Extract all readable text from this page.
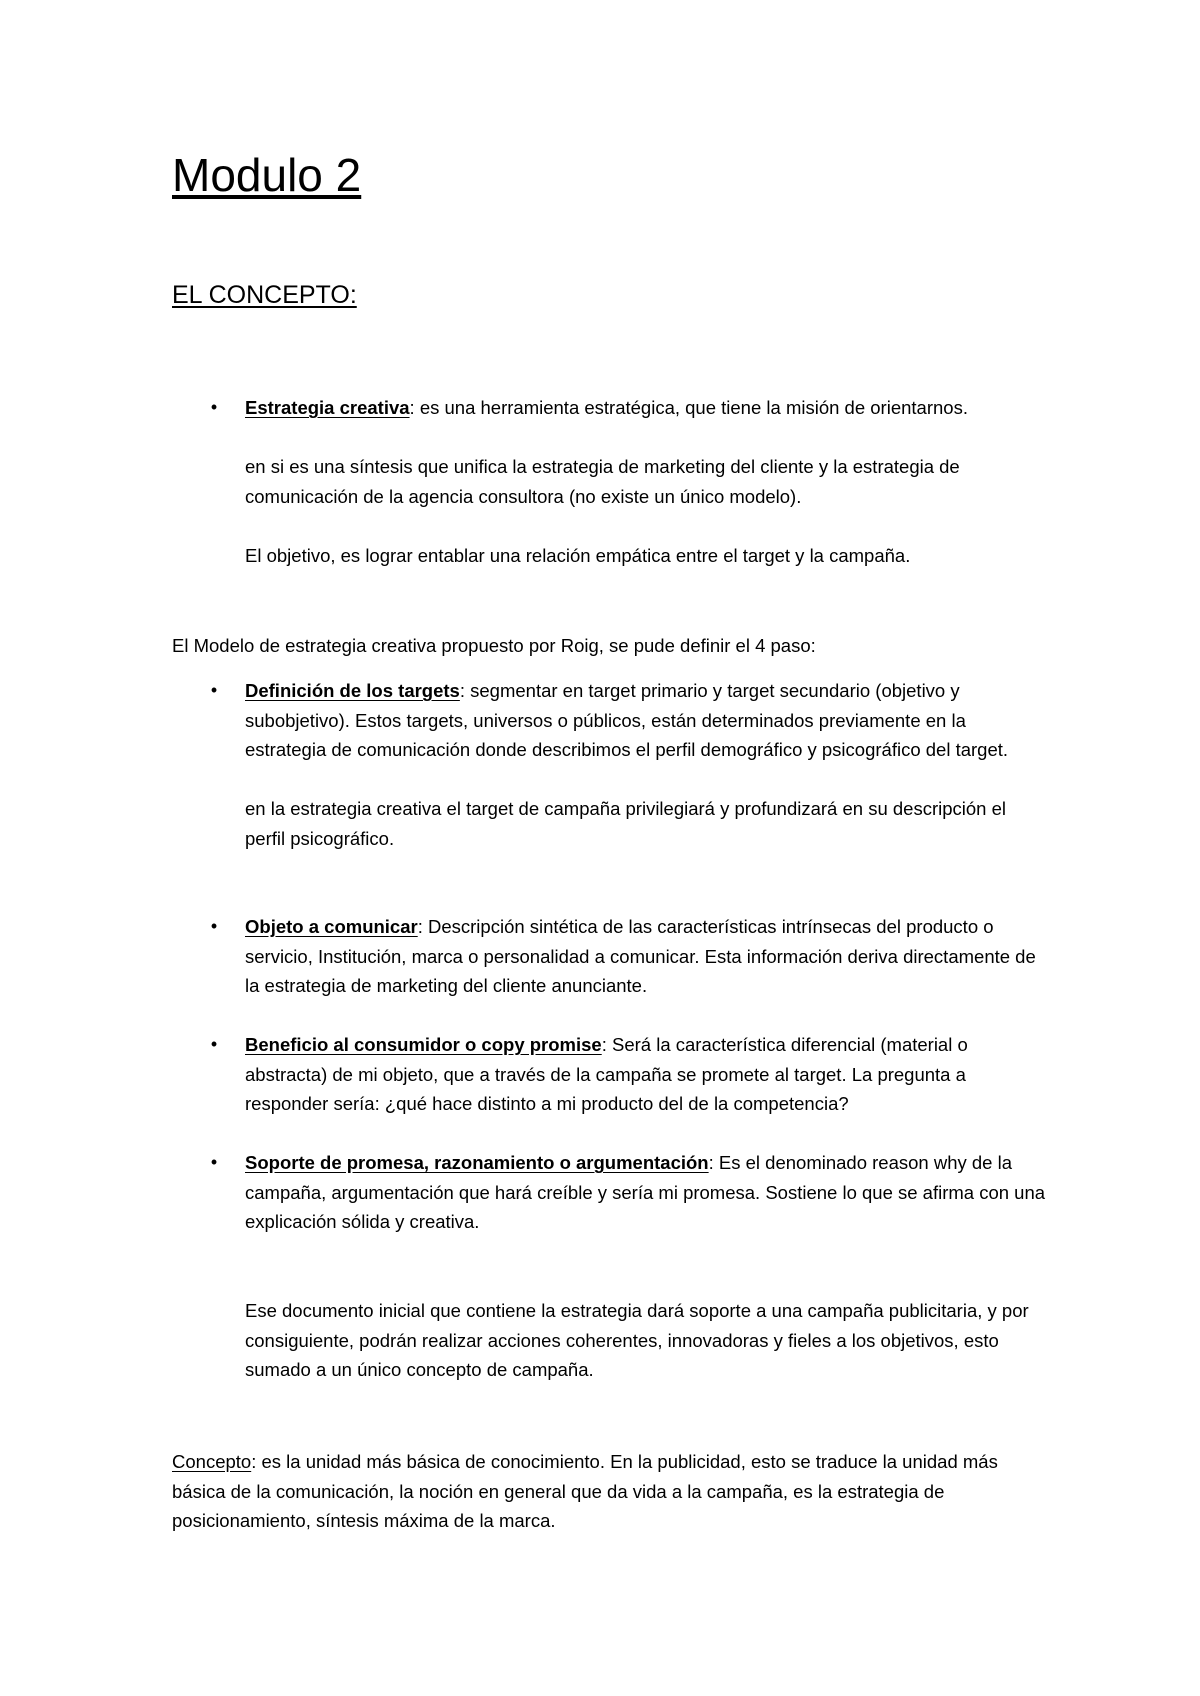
Modulo 2
EL CONCEPTO:
• Estrategia creativa: es una herramienta estratégica, que tiene la misión de orientarnos.

en si es una síntesis que unifica la estrategia de marketing del cliente y la estrategia de comunicación de la agencia consultora (no existe un único modelo).

El objetivo, es lograr entablar una relación empática entre el target y la campaña.

El Modelo de estrategia creativa propuesto por Roig, se pude definir el 4 paso:

• Definición de los targets: segmentar en target primario y target secundario (objetivo y subobjetivo). Estos targets, universos o públicos, están determinados previamente en la estrategia de comunicación donde describimos el perfil demográfico y psicográfico del target.

en la estrategia creativa el target de campaña privilegiará y profundizará en su descripción el perfil psicográfico.

• Objeto a comunicar: Descripción sintética de las características intrínsecas del producto o servicio, Institución, marca o personalidad a comunicar. Esta información deriva directamente de la estrategia de marketing del cliente anunciante.

• Beneficio al consumidor o copy promise: Será la característica diferencial (material o abstracta) de mi objeto, que a través de la campaña se promete al target. La pregunta a responder sería: ¿qué hace distinto a mi producto del de la competencia?

• Soporte de promesa, razonamiento o argumentación: Es el denominado reason why de la campaña, argumentación que hará creíble y sería mi promesa. Sostiene lo que se afirma con una explicación sólida y creativa.

Ese documento inicial que contiene la estrategia dará soporte a una campaña publicitaria, y por consiguiente, podrán realizar acciones coherentes, innovadoras y fieles a los objetivos, esto sumado a un único concepto de campaña.

Concepto: es la unidad más básica de conocimiento. En la publicidad, esto se traduce la unidad más básica de la comunicación, la noción en general que da vida a la campaña, es la estrategia de posicionamiento, síntesis máxima de la marca.
